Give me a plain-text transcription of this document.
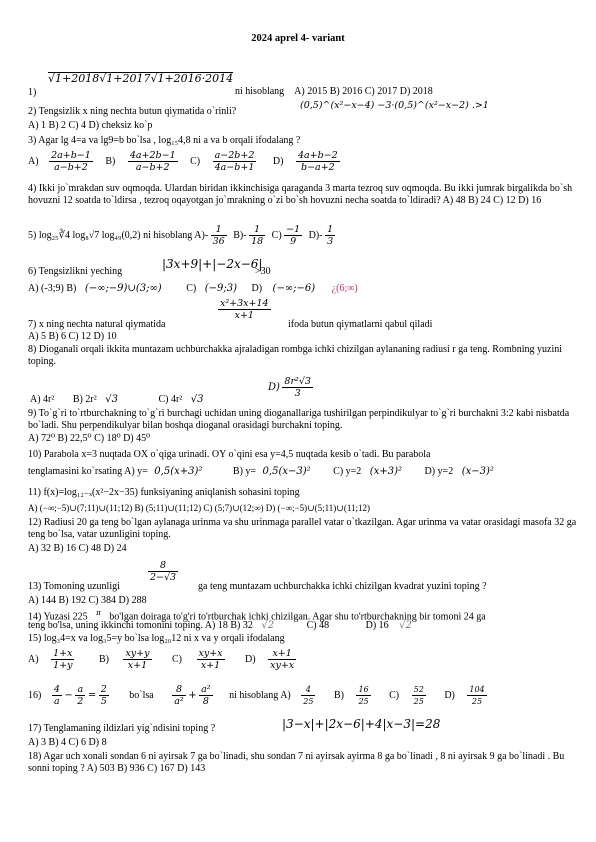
2024 aprel 4- variant
1)
√1+2018√1+2017√1+2016·2014
ni hisoblang A) 2015 B) 2016 C) 2017 D) 2018
2) Tengsizlik x ning nechta butun qiymatida o`rinli?
(0,5)^(x²−x−4) −3·(0,5)^(x²−x−2) .>1
A) 1 B) 2 C) 4 D) cheksiz ko`p
3) Agar lg 4=a va lg9=b bo`lsa , log₁₅4,8 ni a va b orqali ifodalang ?
$A) \frac{2a+b-1}{a-b+2} B) \frac{4a+2b-1}{a-b+2} C) \frac{a-2b+2}{4a-b+1} D) \frac{4a+b-2}{b-a+2}$
4) Ikki jo`mrakdan suv oqmoqda. Ulardan biridan ikkinchisiga qaraganda 3 marta tezroq suv oqmoqda. Bu ikki jumrak birgalikda bo`sh hovuzni 12 soatda to`ldirsa , tezroq oqayotgan jo`mrakning o`zi bo`sh hovuzni necha soatda to`ldiradi? A) 48 B) 24 C) 12 D) 16
5) log₂₅∛4 log₈√7 log₄₉(0,2) ni hisoblang $A)- \frac{1}{36} B)- \frac{1}{18} C) \frac{-1}{9} D)- \frac{1}{3}$
6) Tengsizlikni yeching
|3x+9|+|−2x−6|
>30
A) (-3;9) B) (−∞;−9)∪(3;∞) C) (−9;3) D) (−∞;−6) ¿(6;∞)
7) x ning nechta natural qiymatida
$\frac{\text{x²+3x+14}}{x+1}$
ifoda butun qiymatlarni qabul qiladi
A) 5 B) 6 C) 12 D) 10
8) Dioganali orqali ikkita muntazam uchburchakka ajraladigan rombga ichki chizilgan aylananing radiusi r ga teng. Rombning yuzini toping.
A) 4r² B) 2r² √3	C) 4r² √3
$D) \frac{\text{8r²√3}}{3}$
9) To`g`ri to`rtburchakning to`g`ri burchagi uchidan uning dioganallariga tushirilgan perpindikulyar to`g`ri burchakni 3:2 kabi nisbatda bo`ladi. Shu perpendikulyar bilan boshqa dioganal orasidagi burchakni toping.
A) 72⁰ B) 22,5⁰ C) 18⁰ D) 45⁰
10) Parabola x=3 nuqtada OX o`qiga urinadi. OY o`qini esa y=4,5 nuqtada kesib o`tadi. Bu parabola
tenglamasini ko`rsating A) y= 0,5(x+3)²	B) y= 0,5(x−3)² C) y=2 (x+3)² D) y=2 (x−3)²
11) f(x)=log₁₂₋ₓ(x²−2x−35) funksiyaning aniqlanish sohasini toping
A) (−∞;−5)∪(7;11)∪(11;12) B) (5;11)∪(11;12) C) (5;7)∪(12;∞) D) (−∞;−5)∪(5;11)∪(11;12)
12) Radiusi 20 ga teng bo`lgan aylanaga urinma va shu urinmaga parallel vatar o`tkazilgan. Agar urinma va vatar orasidagi masofa 32 ga teng bo`lsa, vatar uzunligini toping.
A) 32 B) 16 C) 48 D) 24
13) Tomoning uzunligi
$\frac{8}{2-√3}$
ga teng muntazam uchburchakka ichki chizilgan kvadrat yuzini toping ?
A) 144 B) 192 C) 384 D) 288
14) Yuzasi 225 $^\pi$ bo'lgan doiraga to'g'ri to'rtburchak ichki chizilgan. Agar shu to'rtburchakning bir tomoni 24 ga
teng bo'lsa, uning ikkinchi tomonini toping. A) 18 B) 32 √2	C) 48	D) 16 √2
15) log₃4=x va log₃5=y bo`lsa log₂₀12 ni x va y orqali ifodalang
$A) \frac{1+x}{1+y} B) \frac{xy+y}{x+1} C) \frac{xy+x}{x+1} D) \frac{x+1}{xy+x}$
$16) \frac{4}{a} - \frac{a}{2} = \frac{2}{5}$ bo`lsa $\frac{8}{\text{a²}} + \frac{\text{a²}}{8}$ ni hisoblang $A) \frac{4}{25} B) \frac{16}{25} C) \frac{52}{25} D) \frac{104}{25}$
17) Tenglamaning ildizlari yig`ndisini toping ?	|3−x|+|2x−6|+4|x−3|=28
A) 3 B) 4 C) 6 D) 8
18) Agar uch xonali sondan 6 ni ayirsak 7 ga bo`linadi, shu sondan 7 ni ayirsak ayirma 8 ga bo`linadi , 8 ni ayirsak 9 ga bo`linadi . Bu sonni toping ? A) 503 B) 936 C) 167 D) 143
